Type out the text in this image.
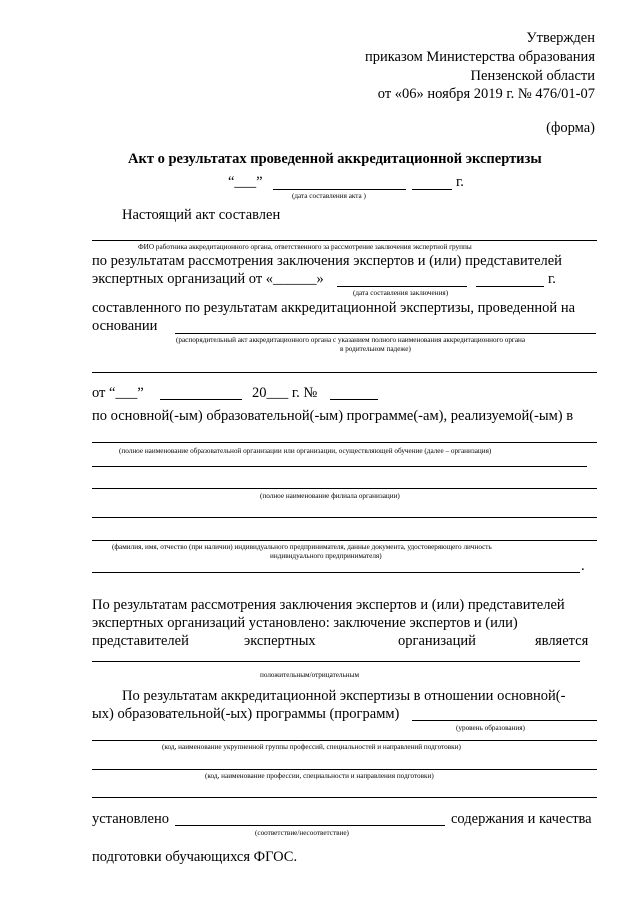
Утвержден
приказом Министерства образования
Пензенской области
от «06» ноября 2019 г. № 476/01-07
(форма)
Акт о результатах проведенной аккредитационной экспертизы
“___”	г.
(дата составления акта )
Настоящий акт составлен
ФИО работника аккредитационного органа, ответственного за рассмотрение заключения экспертной группы
по результатам рассмотрения заключения экспертов и (или) представителей
экспертных организаций от «______»	г.
(дата составления заключения)
составленного по результатам аккредитационной экспертизы, проведенной на
основании
(распорядительный акт аккредитационного органа с указанием полного наименования аккредитационного органа
в родительном падеже)
от “___”	20___ г. №
по основной(-ым) образовательной(-ым) программе(-ам), реализуемой(-ым) в
(полное наименование образовательной организации или организации, осуществляющей обучение (далее – организация)
(полное наименование филиала организации)
(фамилия, имя, отчество (при наличии) индивидуального предпринимателя, данные документа, удостоверяющего личность
индивидуального предпринимателя)
.
По результатам рассмотрения заключения экспертов и (или) представителей
экспертных организаций установлено: заключение экспертов и (или)
представителей	экспертных	организаций	является
положительным/отрицательным
По результатам аккредитационной экспертизы в отношении основной(-
ых) образовательной(-ых) программы (программ)
(уровень образования)
(код, наименование укрупненной группы профессий, специальностей и направлений подготовки)
(код, наименование профессии, специальности и направления подготовки)
установлено	содержания и качества
(соответствие/несоответствие)
подготовки обучающихся ФГОС.
